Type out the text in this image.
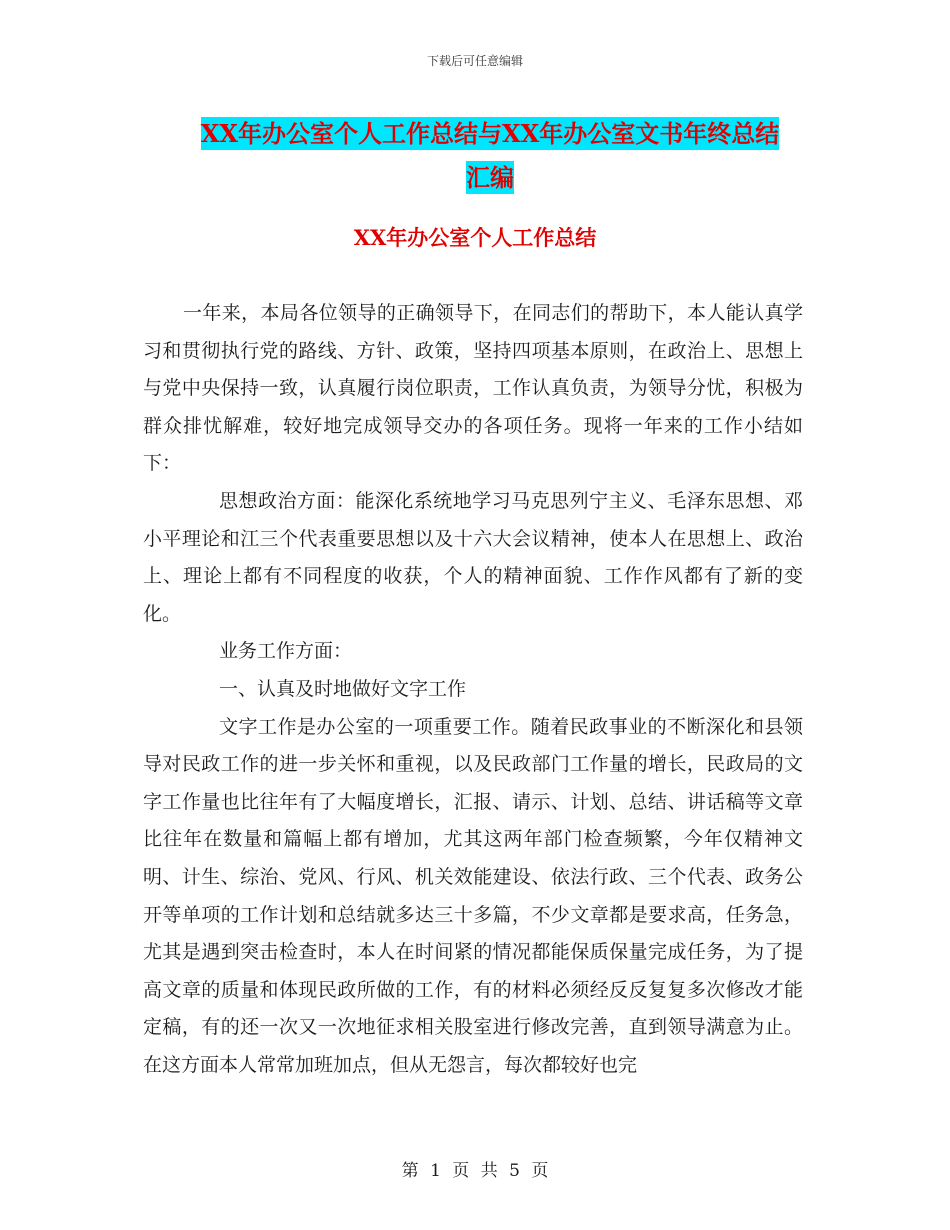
下载后可任意编辑
XX年办公室个人工作总结与XX年办公室文书年终总结
汇编
XX年办公室个人工作总结

一年来，本局各位领导的正确领导下，在同志们的帮助下，本人能认真学习和贯彻执行党的路线、方针、政策，坚持四项基本原则，在政治上、思想上与党中央保持一致，认真履行岗位职责，工作认真负责，为领导分忧，积极为群众排忧解难，较好地完成领导交办的各项任务。现将一年来的工作小结如下：

思想政治方面：能深化系统地学习马克思列宁主义、毛泽东思想、邓小平理论和江三个代表重要思想以及十六大会议精神，使本人在思想上、政治上、理论上都有不同程度的收获，个人的精神面貌、工作作风都有了新的变化。

业务工作方面：

一、认真及时地做好文字工作

文字工作是办公室的一项重要工作。随着民政事业的不断深化和县领导对民政工作的进一步关怀和重视，以及民政部门工作量的增长，民政局的文字工作量也比往年有了大幅度增长，汇报、请示、计划、总结、讲话稿等文章比往年在数量和篇幅上都有增加，尤其这两年部门检查频繁，今年仅精神文明、计生、综治、党风、行风、机关效能建设、依法行政、三个代表、政务公开等单项的工作计划和总结就多达三十多篇，不少文章都是要求高，任务急，尤其是遇到突击检查时，本人在时间紧的情况都能保质保量完成任务，为了提高文章的质量和体现民政所做的工作，有的材料必须经反反复复多次修改才能定稿，有的还一次又一次地征求相关股室进行修改完善，直到领导满意为止。在这方面本人常常加班加点，但从无怨言，每次都较好也完

第 1 页 共 5 页
